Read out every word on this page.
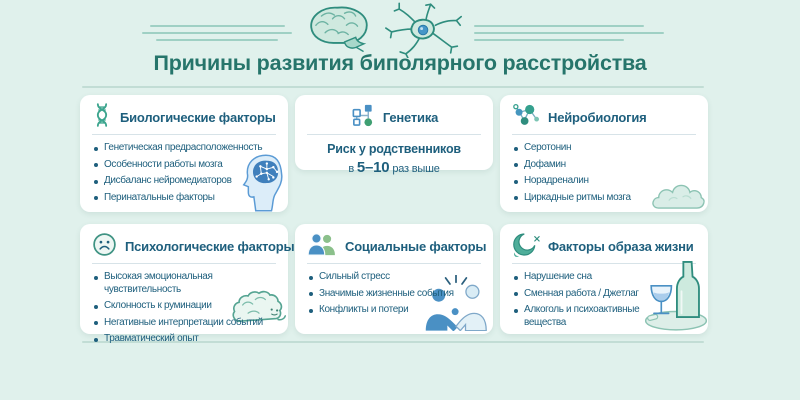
Причины развития биполярного расстройства
Биологические факторы
Генетическая предрасположенность
Особенности работы мозга
Дисбаланс нейромедиаторов
Перинатальные факторы
Генетика
Риск у родственников
в 5–10 раз выше
Нейробиология
Серотонин
Дофамин
Норадреналин
Циркадные ритмы мозга
Психологические факторы
Высокая эмоциональная чувствительность
Склонность к руминации
Негативные интерпретации событий
Травматический опыт
Социальные факторы
Сильный стресс
Значимые жизненные события
Конфликты и потери
Факторы образа жизни
Нарушение сна
Сменная работа / Джетлаг
Алкоголь и психоактивные вещества
